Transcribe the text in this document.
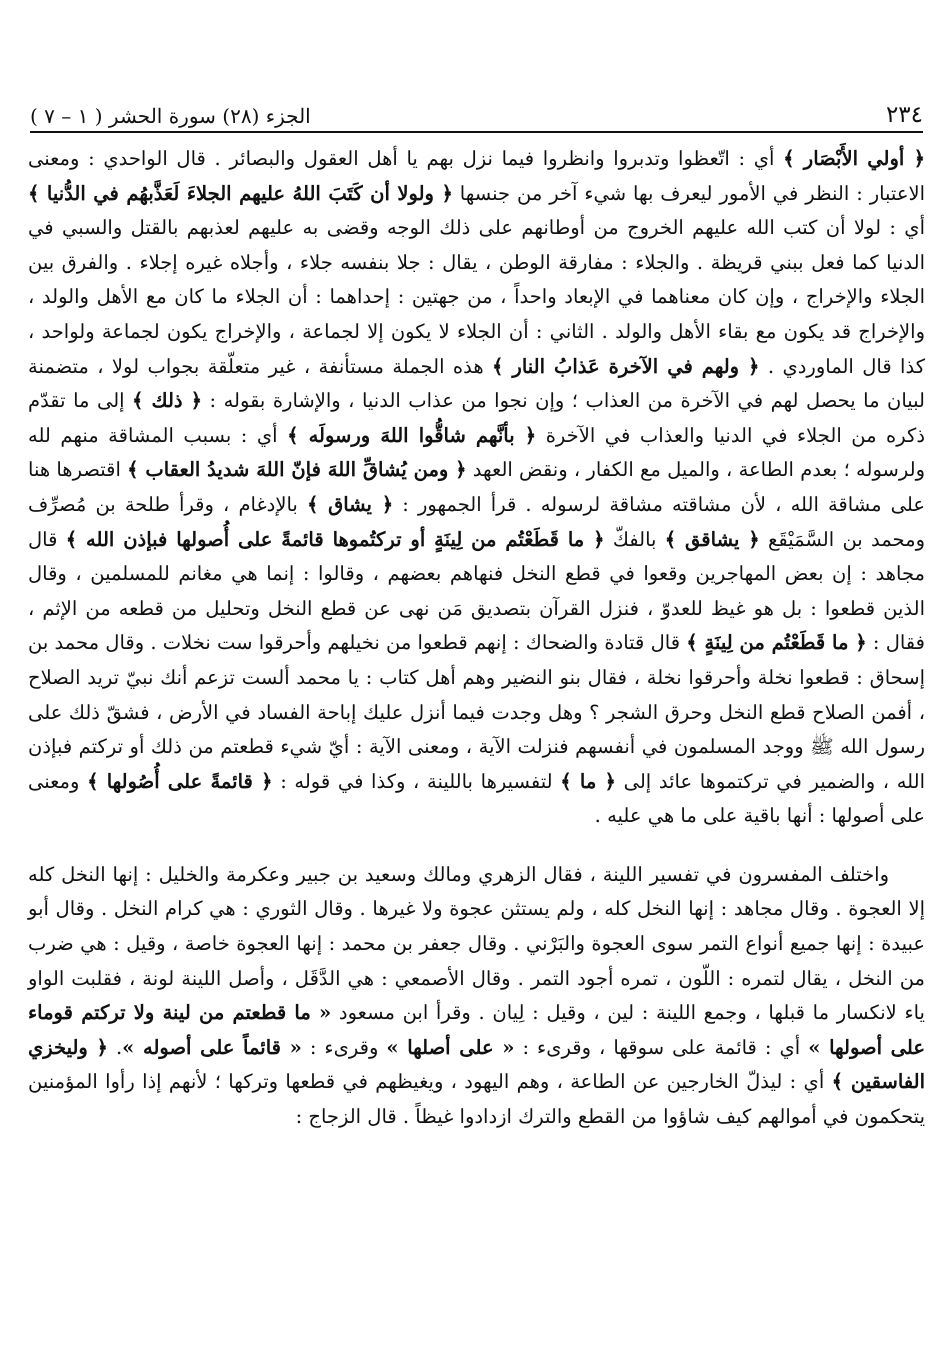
٢٣٤
الجزء (٢٨) سورة الحشر ( ١ – ٧ )

﴿ أولي الأَبْصَار ﴾ أي : اتّعظوا وتدبروا وانظروا فيما نزل بهم يا أهل العقول والبصائر . قال الواحدي : ومعنى الاعتبار : النظر في الأمور ليعرف بها شيء آخر من جنسها ﴿ ولولا أن كَتَبَ اللهُ عليهم الجلاءَ لَعَذَّبهُم في الدُّنيا ﴾ أي : لولا أن كتب الله عليهم الخروج من أوطانهم على ذلك الوجه وقضى به عليهم لعذبهم بالقتل والسبي في الدنيا كما فعل ببني قريظة . والجلاء : مفارقة الوطن ، يقال : جلا بنفسه جلاء ، وأجلاه غيره إجلاء . والفرق بين الجلاء والإخراج ، وإن كان معناهما في الإبعاد واحداً ، من جهتين : إحداهما : أن الجلاء ما كان مع الأهل والولد ، والإخراج قد يكون مع بقاء الأهل والولد . الثاني : أن الجلاء لا يكون إلا لجماعة ، والإخراج يكون لجماعة ولواحد ، كذا قال الماوردي . ﴿ ولهم في الآخرة عَذابُ النار ﴾ هذه الجملة مستأنفة ، غير متعلّقة بجواب لولا ، متضمنة لبيان ما يحصل لهم في الآخرة من العذاب ؛ وإن نجوا من عذاب الدنيا ، والإشارة بقوله : ﴿ ذلك ﴾ إلى ما تقدّم ذكره من الجلاء في الدنيا والعذاب في الآخرة ﴿ بأنَّهم شاقُّوا اللهَ ورسولَه ﴾ أي : بسبب المشاقة منهم لله ولرسوله ؛ بعدم الطاعة ، والميل مع الكفار ، ونقض العهد ﴿ ومن يُشاقِّ اللهَ فإنّ اللهَ شديدُ العقاب ﴾ اقتصرها هنا على مشاقة الله ، لأن مشاقته مشاقة لرسوله . قرأ الجمهور : ﴿ يشاق ﴾ بالإدغام ، وقرأ طلحة بن مُصرِّف ومحمد بن السَّمَيْقَع ﴿ يشاقق ﴾ بالفكّ ﴿ ما قَطَعْتُم من لِينَةٍ أو تركتُموها قائمةً على أُصولها فبإذن الله ﴾ قال مجاهد : إن بعض المهاجرين وقعوا في قطع النخل فنهاهم بعضهم ، وقالوا : إنما هي مغانم للمسلمين ، وقال الذين قطعوا : بل هو غيظ للعدوّ ، فنزل القرآن بتصديق مَن نهى عن قطع النخل وتحليل من قطعه من الإثم ، فقال : ﴿ ما قَطَعْتُم من لِينَةٍ ﴾ قال قتادة والضحاك : إنهم قطعوا من نخيلهم وأحرقوا ست نخلات . وقال محمد بن إسحاق : قطعوا نخلة وأحرقوا نخلة ، فقال بنو النضير وهم أهل كتاب : يا محمد ألست تزعم أنك نبيّ تريد الصلاح ، أفمن الصلاح قطع النخل وحرق الشجر ؟ وهل وجدت فيما أنزل عليك إباحة الفساد في الأرض ، فشقّ ذلك على رسول الله ﷺ ووجد المسلمون في أنفسهم فنزلت الآية ، ومعنى الآية : أيّ شيء قطعتم من ذلك أو تركتم فبإذن الله ، والضمير في تركتموها عائد إلى ﴿ ما ﴾ لتفسيرها باللينة ، وكذا في قوله : ﴿ قائمةً على أُصُولها ﴾ ومعنى على أصولها : أنها باقية على ما هي عليه .

واختلف المفسرون في تفسير اللينة ، فقال الزهري ومالك وسعيد بن جبير وعكرمة والخليل : إنها النخل كله إلا العجوة . وقال مجاهد : إنها النخل كله ، ولم يستثن عجوة ولا غيرها . وقال الثوري : هي كرام النخل . وقال أبو عبيدة : إنها جميع أنواع التمر سوى العجوة والبَرْني . وقال جعفر بن محمد : إنها العجوة خاصة ، وقيل : هي ضرب من النخل ، يقال لتمره : اللّون ، تمره أجود التمر . وقال الأصمعي : هي الدَّقَل ، وأصل اللينة لونة ، فقلبت الواو ياء لانكسار ما قبلها ، وجمع اللينة : لين ، وقيل : لِيان . وقرأ ابن مسعود « ما قطعتم من لينة ولا تركتم قوماء على أصولها » أي : قائمة على سوقها ، وقرىء : « على أصلها » وقرىء : « قائماً على أصوله ». ﴿ وليخزي الفاسقين ﴾ أي : ليذلّ الخارجين عن الطاعة ، وهم اليهود ، ويغيظهم في قطعها وتركها ؛ لأنهم إذا رأوا المؤمنين يتحكمون في أموالهم كيف شاؤوا من القطع والترك ازدادوا غيظاً . قال الزجاج :
